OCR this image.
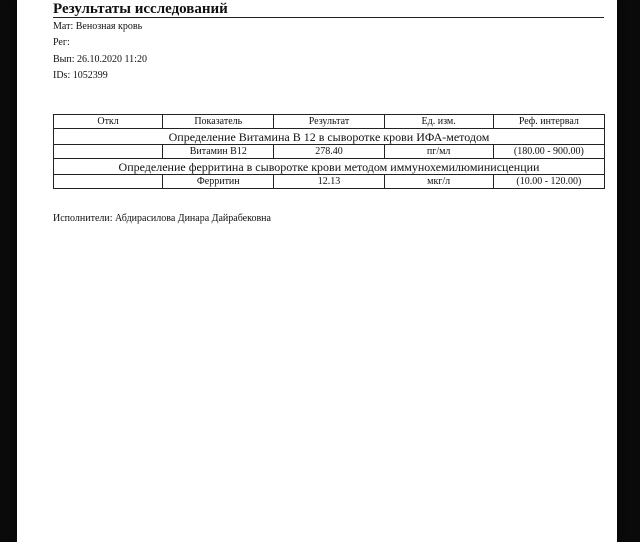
Результаты исследований
Мат: Венозная кровь
Рег:
Вып: 26.10.2020 11:20
IDs: 1052399
Откл	Показатель	Результат	Ед. изм.	Реф. интервал
Определение Витамина В 12 в сыворотке крови ИФА-методом				
	Витамин В12	278.40	пг/мл	(180.00 - 900.00)
Определение ферритина в сыворотке крови методом иммунохемилюминисценции				
	Ферритин	12.13	мкг/л	(10.00 - 120.00)
Исполнители: Абдирасилова Динара Дайрабековна
